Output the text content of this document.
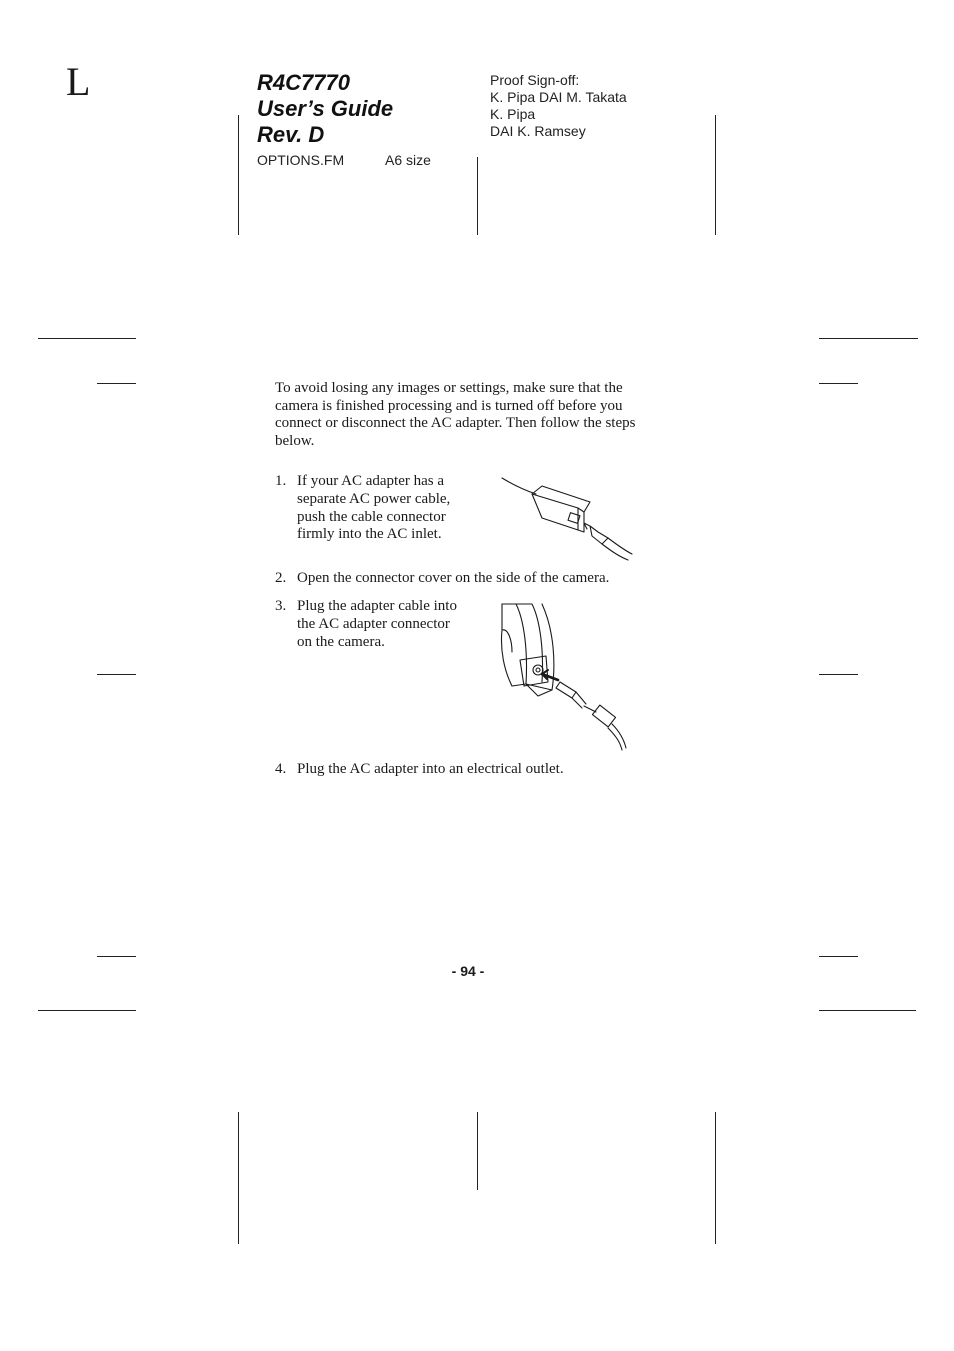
L	R4C7770
User’s Guide
Rev. D
OPTIONS.FM	A6 size
Proof Sign-off:
K. Pipa DAI M. Takata
K. Pipa
DAI K. Ramsey
To avoid losing any images or settings, make sure that the
camera is finished processing and is turned off before you
connect or disconnect the AC adapter. Then follow the steps
below.
1. If your AC adapter has a
separate AC power cable,
push the cable connector
firmly into the AC inlet.
2. Open the connector cover on the side of the camera.
3. Plug the adapter cable into
the AC adapter connector
on the camera.
4. Plug the AC adapter into an electrical outlet.
- 94 -
